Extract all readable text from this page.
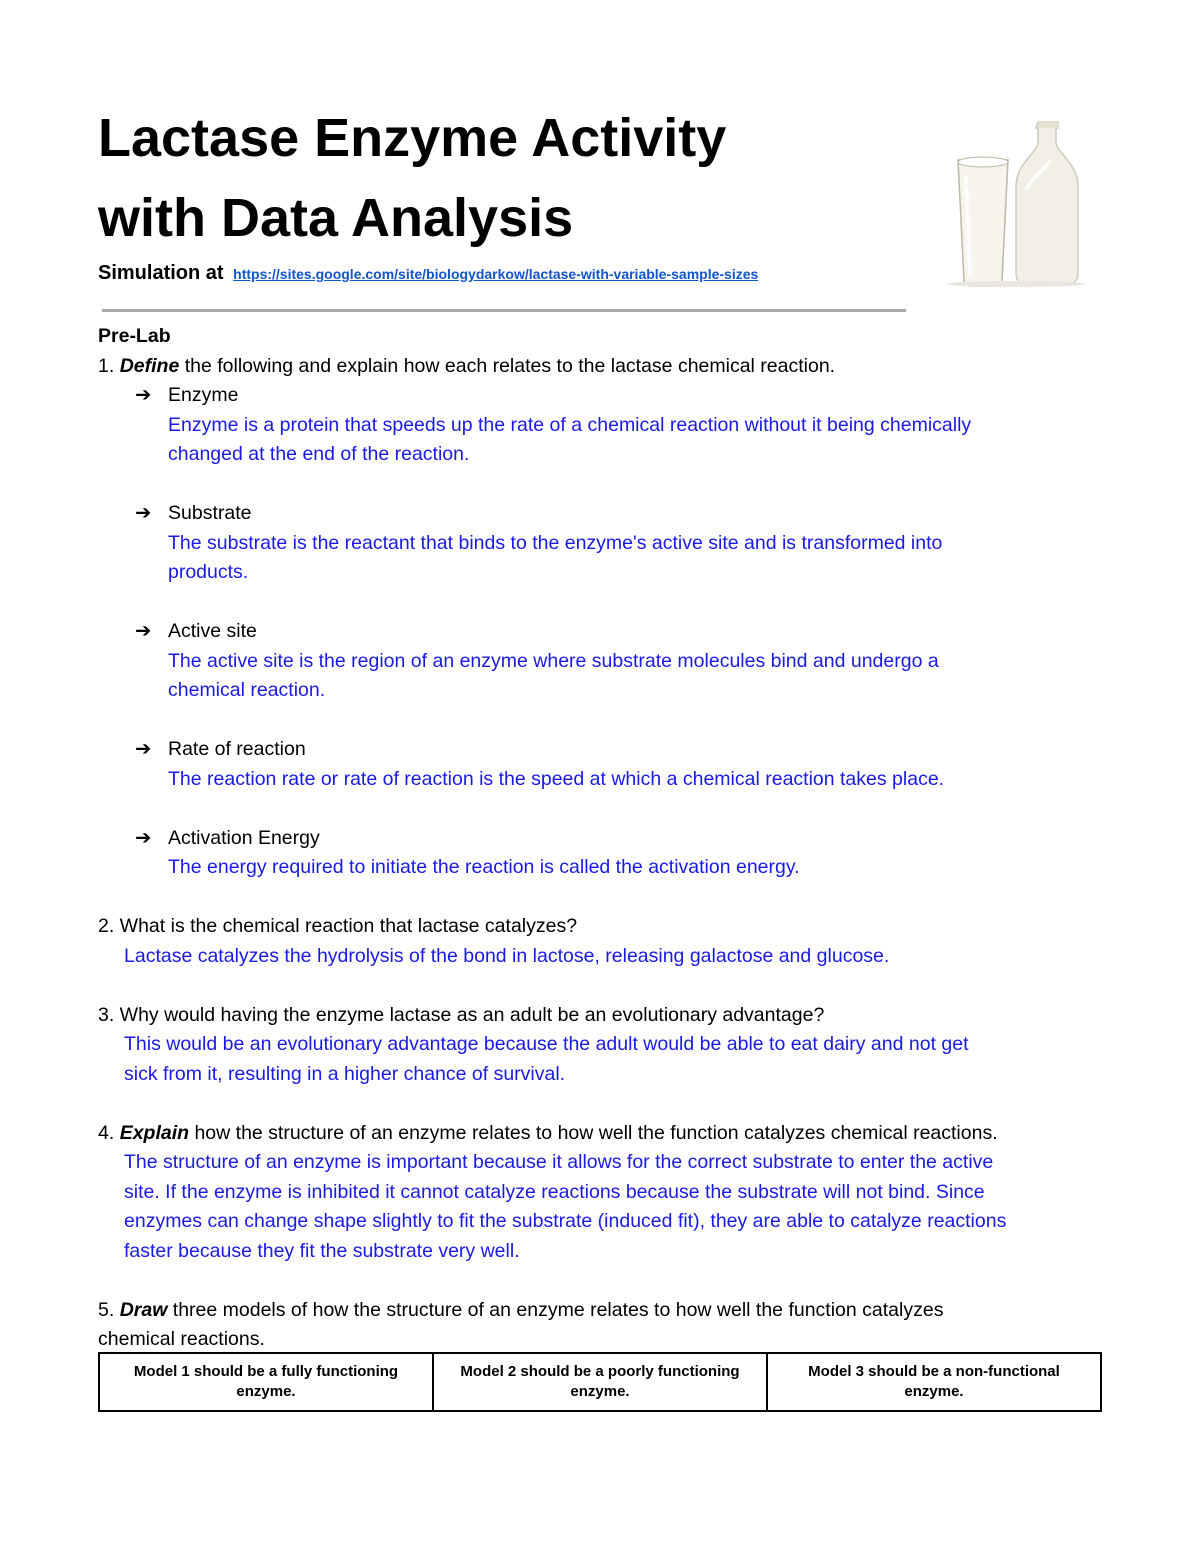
Lactase Enzyme Activity
with Data Analysis
Simulation at https://sites.google.com/site/biologydarkow/lactase-with-variable-sample-sizes
Pre-Lab

1. Define the following and explain how each relates to the lactase chemical reaction.

➔ Enzyme
Enzyme is a protein that speeds up the rate of a chemical reaction without it being chemically
changed at the end of the reaction.
➔ Substrate
The substrate is the reactant that binds to the enzyme's active site and is transformed into
products.
➔ Active site
The active site is the region of an enzyme where substrate molecules bind and undergo a
chemical reaction.
➔ Rate of reaction
The reaction rate or rate of reaction is the speed at which a chemical reaction takes place.
➔ Activation Energy
The energy required to initiate the reaction is called the activation energy.

2. What is the chemical reaction that lactase catalyzes?

Lactase catalyzes the hydrolysis of the bond in lactose, releasing galactose and glucose.

3. Why would having the enzyme lactase as an adult be an evolutionary advantage?

This would be an evolutionary advantage because the adult would be able to eat dairy and not get
sick from it, resulting in a higher chance of survival.

4. Explain how the structure of an enzyme relates to how well the function catalyzes chemical reactions.

The structure of an enzyme is important because it allows for the correct substrate to enter the active
site. If the enzyme is inhibited it cannot catalyze reactions because the substrate will not bind. Since
enzymes can change shape slightly to fit the substrate (induced fit), they are able to catalyze reactions
faster because they fit the substrate very well.

5. Draw three models of how the structure of an enzyme relates to how well the function catalyzes

chemical reactions.

Model 1 should be a fully functioning
enzyme.	Model 2 should be a poorly functioning
enzyme.	Model 3 should be a non-functional
enzyme.
